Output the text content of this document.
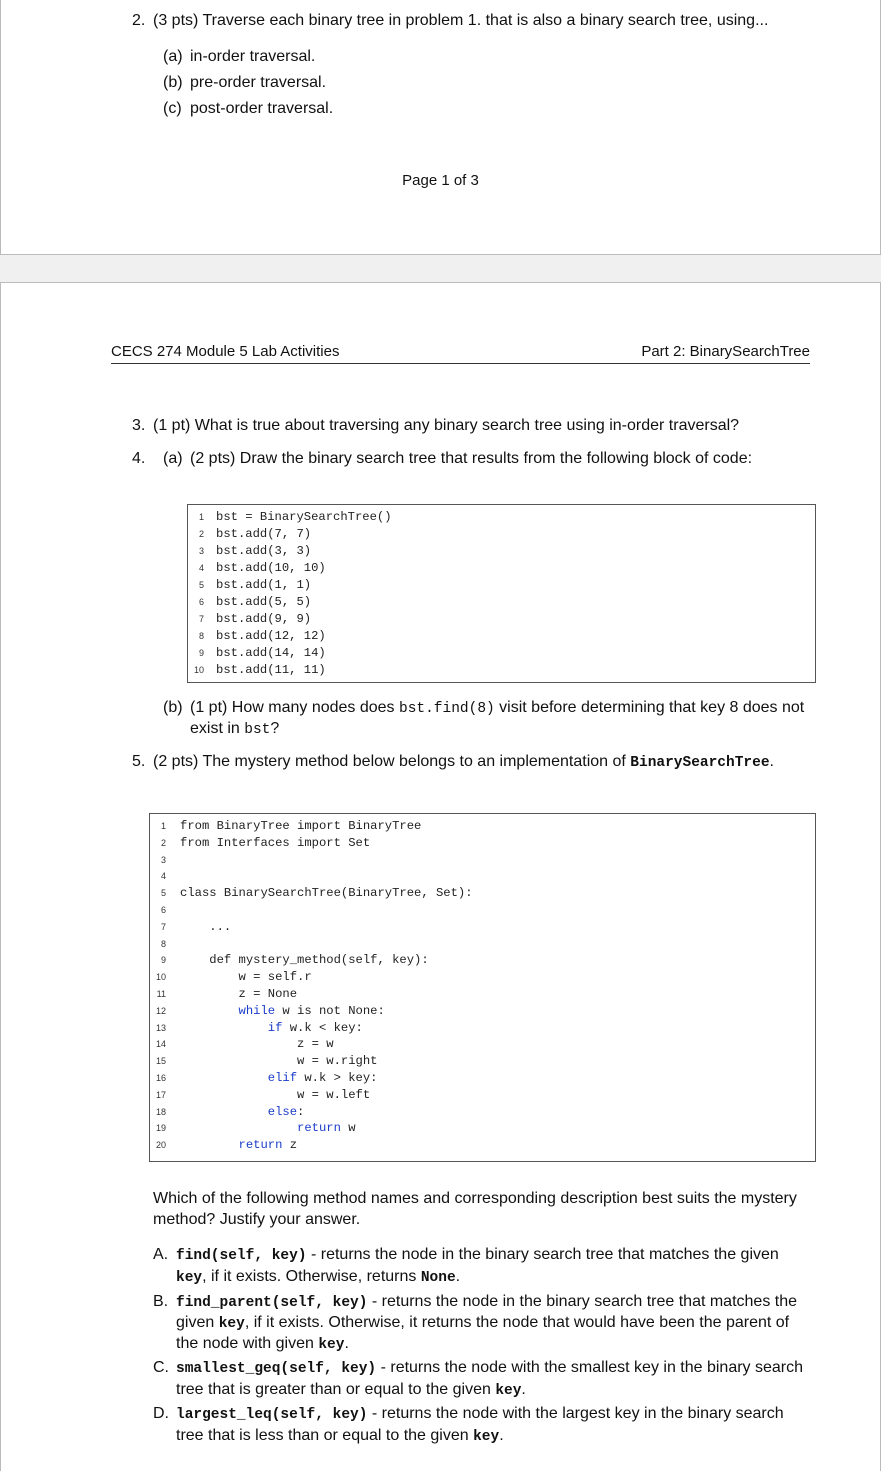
2. (3 pts) Traverse each binary tree in problem 1. that is also a binary search tree, using...
(a) in-order traversal.
(b) pre-order traversal.
(c) post-order traversal.
Page 1 of 3
CECS 274 Module 5 Lab Activities	Part 2: BinarySearchTree
3. (1 pt) What is true about traversing any binary search tree using in-order traversal?
4. (a) (2 pts) Draw the binary search tree that results from the following block of code:
1 bst = BinarySearchTree()
2 bst.add(7, 7)
3 bst.add(3, 3)
4 bst.add(10, 10)
5 bst.add(1, 1)
6 bst.add(5, 5)
7 bst.add(9, 9)
8 bst.add(12, 12)
9 bst.add(14, 14)
10 bst.add(11, 11)
(b) (1 pt) How many nodes does bst.find(8) visit before determining that key 8 does not
exist in bst?
5. (2 pts) The mystery method below belongs to an implementation of BinarySearchTree.
1 from BinaryTree import BinaryTree
2 from Interfaces import Set
3
4
5 class BinarySearchTree(BinaryTree, Set):
6
7 ...
8
9 def mystery_method(self, key):
10 w = self.r
11 z = None
12	while w is not None:
13	if w.k < key:
14 z = w
15 w = w.right
16	elif w.k > key:
17 w = w.left
18	else:
19	return w
20	return z
Which of the following method names and corresponding description best suits the mystery
method? Justify your answer.
A. find(self, key) - returns the node in the binary search tree that matches the given
key, if it exists. Otherwise, returns None.
B. find_parent(self, key) - returns the node in the binary search tree that matches the
given key, if it exists. Otherwise, it returns the node that would have been the parent of
the node with given key.
C. smallest_geq(self, key) - returns the node with the smallest key in the binary search
tree that is greater than or equal to the given key.
D. largest_leq(self, key) - returns the node with the largest key in the binary search
tree that is less than or equal to the given key.
